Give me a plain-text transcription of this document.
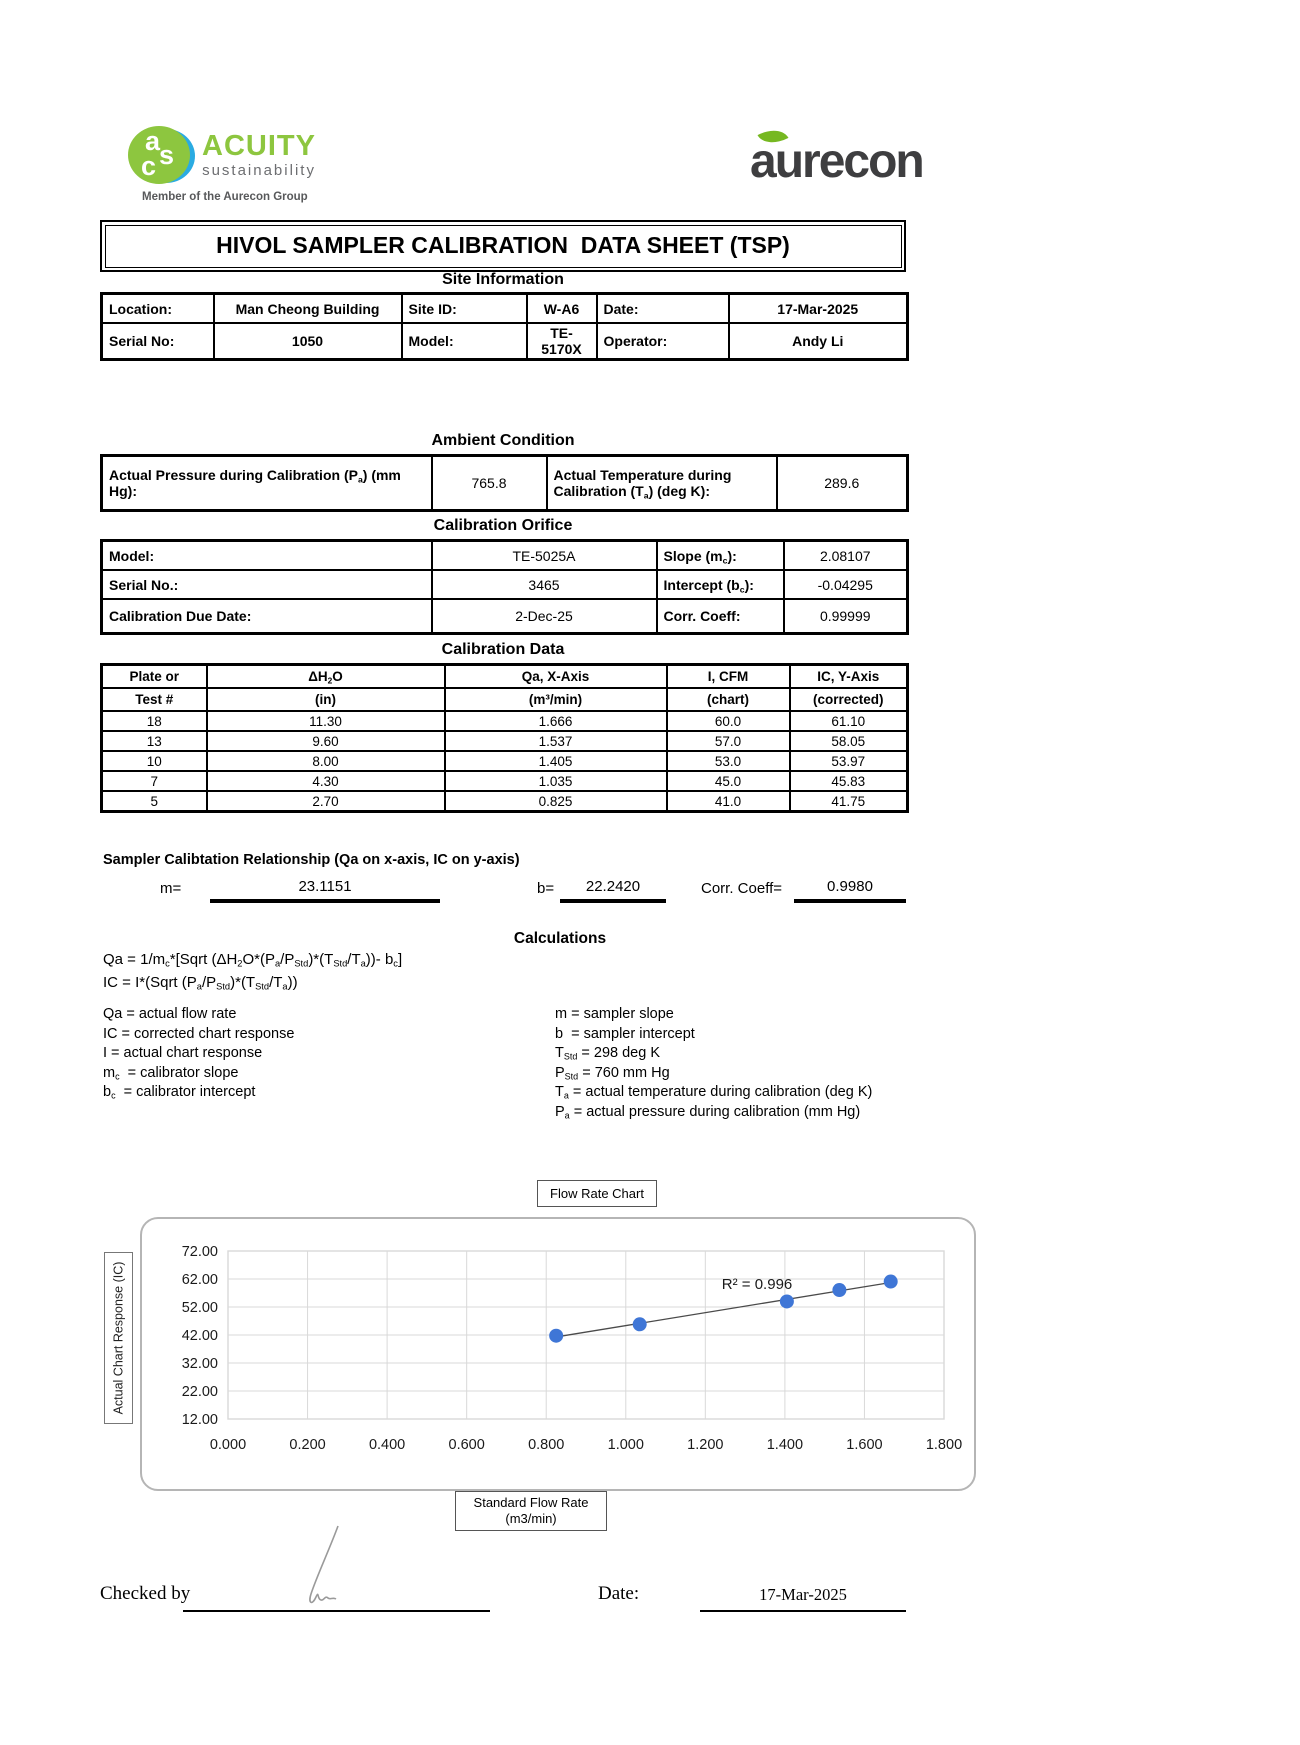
a
s
c
ACUITY
sustainability
Member of the Aurecon Group
aurecon
HIVOL SAMPLER CALIBRATION  DATA SHEET (TSP)
Site Information
Location:	Man Cheong Building	Site ID:	W-A6	Date:	17-Mar-2025
Serial No:	1050	Model:	TE-5170X	Operator:	Andy Li
Ambient Condition
Actual Pressure during Calibration $(P_a)$ (mm Hg):	765.8	Actual Temperature during Calibration $(T_a)$ (deg K):	289.6
Calibration Orifice
Model:	TE-5025A	Slope $(m_c)$:	2.08107
Serial No.:	3465	Intercept $(b_c)$:	-0.04295
Calibration Due Date:	2-Dec-25	Corr. Coeff:	0.99999
Calibration Data
Plate or	$\Delta H_2O$	Qa, X-Axis	I, CFM	IC, Y-Axis
Test #	(in)	(m³/min)	(chart)	(corrected)
18	11.30	1.666	60.0	61.10
13	9.60	1.537	57.0	58.05
10	8.00	1.405	53.0	53.97
7	4.30	1.035	45.0	45.83
5	2.70	0.825	41.0	41.75
Sampler Calibtation Relationship (Qa on x-axis, IC on y-axis)
m=	23.1151	b=	22.2420	Corr. Coeff=	0.9980
Calculations
$Qa = 1/m_c*[Sqrt$ $(\Delta H_2O*(P_a/P_{Std})*(T_{Std}/T_a))-$ $b_c$]
IC = I*(Sqrt $(P_a/P_{Std})*(T_{Std}/T_a)$)
Qa = actual flow rate
IC = corrected chart response
I = actual chart response
$m_c$  = calibrator slope
$b_c$  = calibrator intercept
m = sampler slope
b  = sampler intercept
$T_{Std} = 298$ deg K
$P_{Std} = 760$ mm Hg
$T_a$ = actual temperature during calibration (deg K)
$P_a$ = actual pressure during calibration (mm Hg)
Flow Rate Chart
Actual Chart Response (IC)
12.00
22.00
32.00
42.00
52.00
62.00
72.00
0.000	0.200	0.400	0.600	0.800	1.000	1.200	1.400	1.600	1.800
R² = 0.996
Standard Flow Rate
(m3/min)
Checked by	Date:	17-Mar-2025
